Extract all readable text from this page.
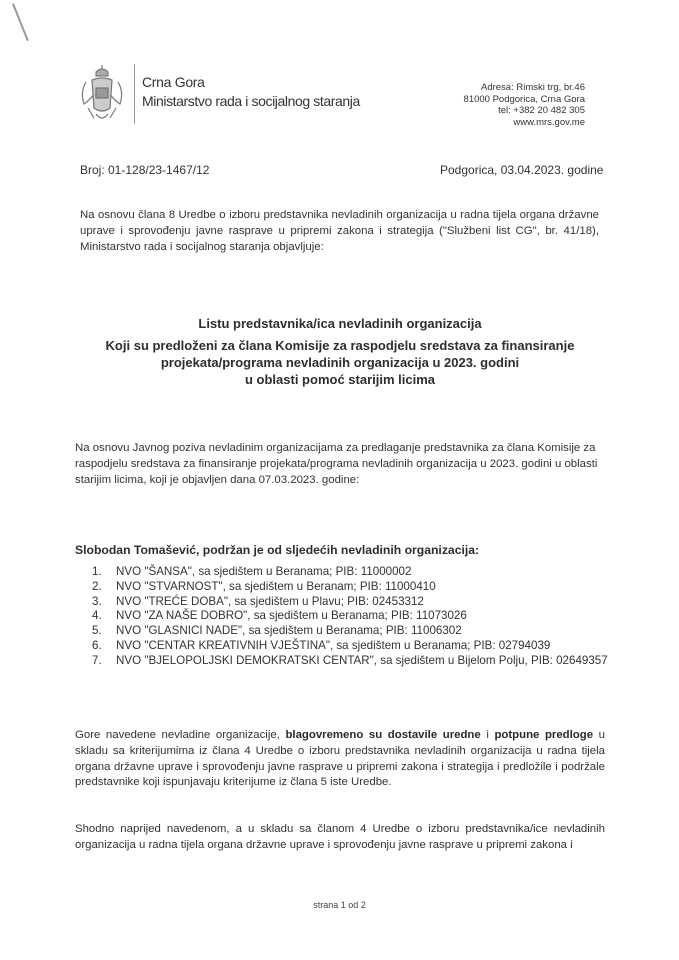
Crna Gora
Ministarstvo rada i socijalnog staranja
Adresa: Rimski trg, br.46
81000 Podgorica, Crna Gora
tel: +382 20 482 305
www.mrs.gov.me
Broj: 01-128/23-1467/12	Podgorica, 03.04.2023. godine
Na osnovu člana 8 Uredbe o izboru predstavnika nevladinih organizacija u radna tijela organa državne uprave i sprovođenju javne rasprave u pripremi zakona i strategija ("Službeni list CG", br. 41/18), Ministarstvo rada i socijalnog staranja objavljuje:
Listu predstavnika/ica nevladinih organizacija
Koji su predloženi za člana Komisije za raspodjelu sredstava za finansiranje
projekata/programa nevladinih organizacija u 2023. godini
u oblasti pomoć starijim licima
Na osnovu Javnog poziva nevladinim organizacijama za predlaganje predstavnika za člana Komisije za raspodjelu sredstava za finansiranje projekata/programa nevladinih organizacija u 2023. godini u oblasti starijim licima, koji je objavljen dana 07.03.2023. godine:
Slobodan Tomašević, podržan je od sljedećih nevladinih organizacija:
1.	NVO "ŠANSA", sa sjedištem u Beranama; PIB: 11000002
2.	NVO "STVARNOST", sa sjedištem u Beranam; PIB: 11000410
3.	NVO "TREĆE DOBA", sa sjedištem u Plavu; PIB: 02453312
4.	NVO "ZA NAŠE DOBRO", sa sjedištem u Beranama; PIB: 11073026
5.	NVO "GLASNICI NADE", sa sjedištem u Beranama; PIB: 11006302
6.	NVO "CENTAR KREATIVNIH VJEŠTINA", sa sjedištem u Beranama; PIB: 02794039
7.	NVO "BJELOPOLJSKI DEMOKRATSKI CENTAR", sa sjedištem u Bijelom Polju, PIB: 02649357
Gore navedene nevladine organizacije, blagovremeno su dostavile uredne i potpune predloge u skladu sa kriterijumima iz člana 4 Uredbe o izboru predstavnika nevladinih organizacija u radna tijela organa državne uprave i sprovođenju javne rasprave u pripremi zakona i strategija i predložile i podržale predstavnike koji ispunjavaju kriterijume iz člana 5 iste Uredbe.
Shodno naprijed navedenom, a u skladu sa članom 4 Uredbe o izboru predstavnika/ice nevladinih organizacija u radna tijela organa državne uprave i sprovođenju javne rasprave u pripremi zakona i
strana 1 od 2
